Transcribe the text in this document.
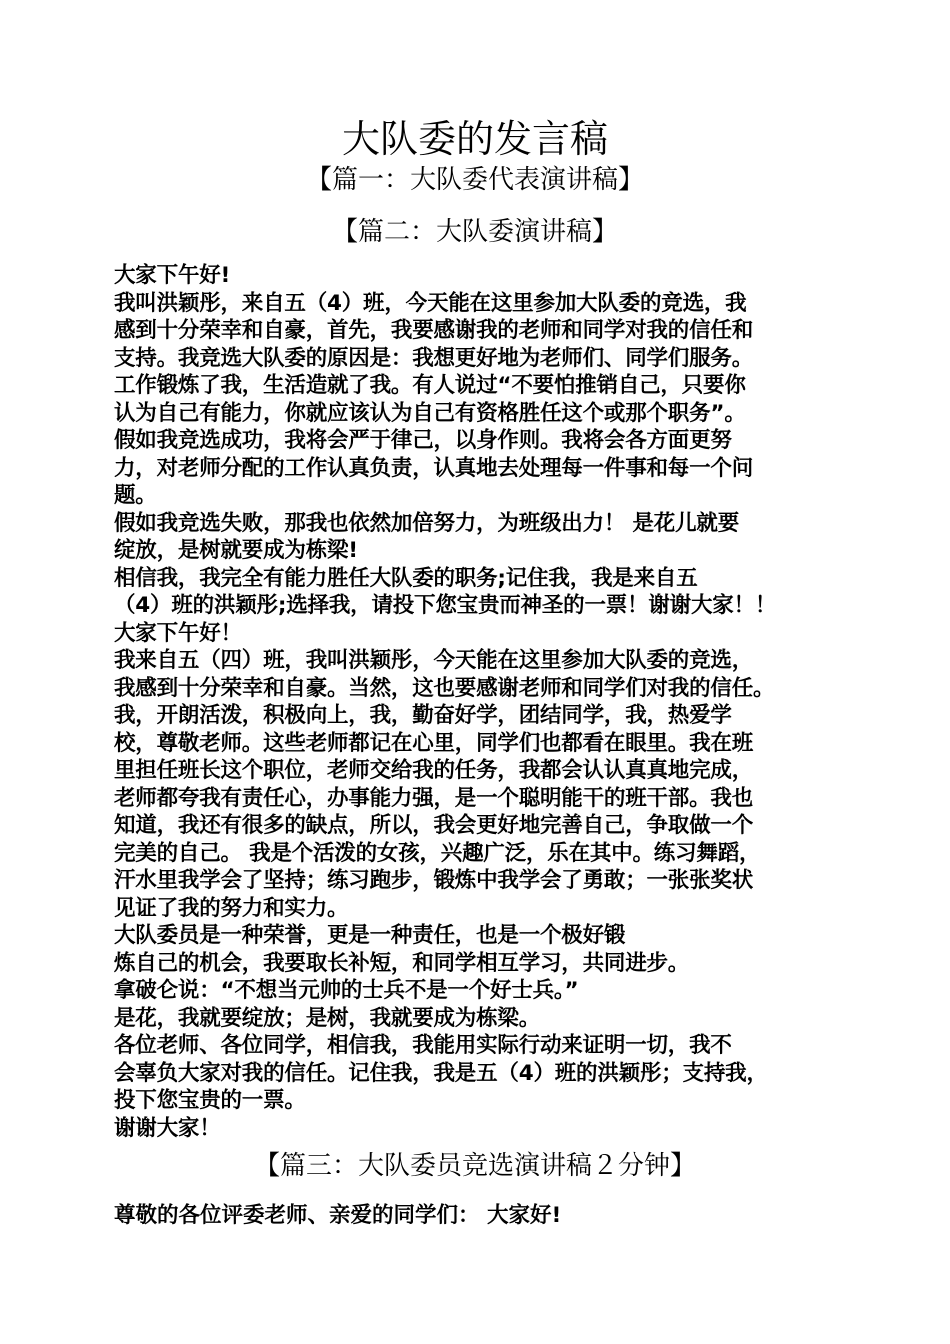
大队委的发言稿
【篇一：大队委代表演讲稿】
【篇二：大队委演讲稿】
大家下午好!
我叫洪颖彤，来自五（4）班，今天能在这里参加大队委的竞选，我
感到十分荣幸和自豪，首先，我要感谢我的老师和同学对我的信任和
支持。我竞选大队委的原因是：我想更好地为老师们、同学们服务。
工作锻炼了我，生活造就了我。有人说过“不要怕推销自己，只要你
认为自己有能力，你就应该认为自己有资格胜任这个或那个职务”。
假如我竞选成功，我将会严于律己，以身作则。我将会各方面更努
力，对老师分配的工作认真负责，认真地去处理每一件事和每一个问
题。
假如我竞选失败，那我也依然加倍努力，为班级出力！ 是花儿就要
绽放，是树就要成为栋梁!
相信我，我完全有能力胜任大队委的职务;记住我，我是来自五
（4）班的洪颖彤;选择我，请投下您宝贵而神圣的一票！谢谢大家！！
大家下午好！
我来自五（四）班，我叫洪颖彤，今天能在这里参加大队委的竞选，
我感到十分荣幸和自豪。当然，这也要感谢老师和同学们对我的信任。
我，开朗活泼，积极向上，我，勤奋好学，团结同学，我，热爱学
校，尊敬老师。这些老师都记在心里，同学们也都看在眼里。我在班
里担任班长这个职位，老师交给我的任务，我都会认认真真地完成，
老师都夸我有责任心，办事能力强，是一个聪明能干的班干部。我也
知道，我还有很多的缺点，所以，我会更好地完善自己，争取做一个
完美的自己。 我是个活泼的女孩，兴趣广泛，乐在其中。练习舞蹈，
汗水里我学会了坚持；练习跑步，锻炼中我学会了勇敢；一张张奖状
见证了我的努力和实力。
大队委员是一种荣誉，更是一种责任，也是一个极好锻
炼自己的机会，我要取长补短，和同学相互学习，共同进步。
拿破仑说：“不想当元帅的士兵不是一个好士兵。”
是花，我就要绽放；是树，我就要成为栋梁。
各位老师、各位同学，相信我，我能用实际行动来证明一切，我不
会辜负大家对我的信任。记住我，我是五（4）班的洪颖彤；支持我，
投下您宝贵的一票。
谢谢大家！
【篇三：大队委员竞选演讲稿２分钟】
尊敬的各位评委老师、亲爱的同学们： 大家好!
